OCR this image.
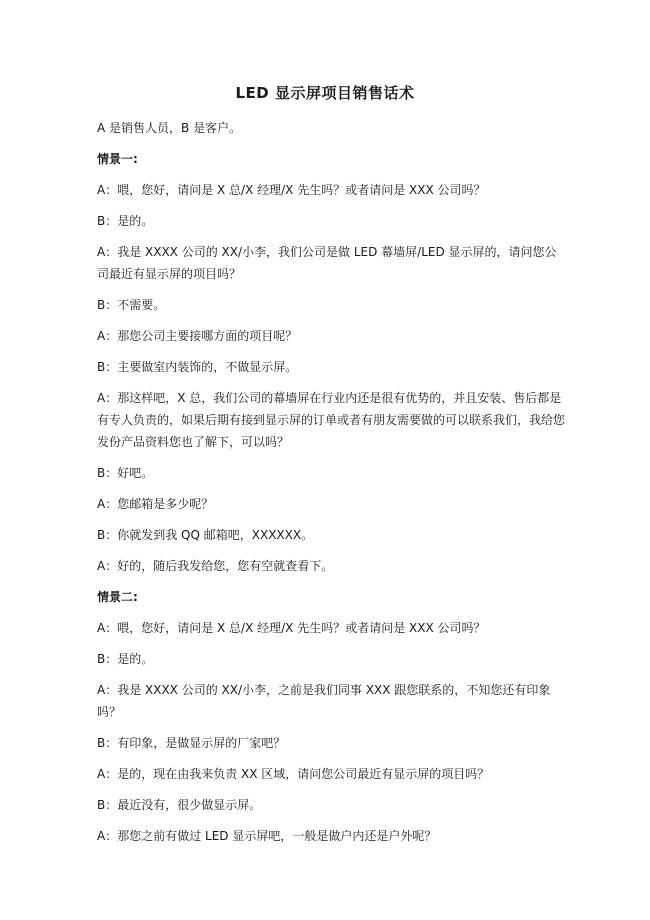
LED 显示屏项目销售话术
A 是销售人员，B 是客户。
情景一:
A：喂，您好，请问是 X 总/X 经理/X 先生吗？或者请问是 XXX 公司吗？
B：是的。
A：我是 XXXX 公司的 XX/小李，我们公司是做 LED 幕墙屏/LED 显示屏的，请问您公司最近有显示屏的项目吗？
B：不需要。
A：那您公司主要接哪方面的项目呢？
B：主要做室内装饰的，不做显示屏。
A：那这样吧，X 总，我们公司的幕墙屏在行业内还是很有优势的，并且安装、售后都是有专人负责的，如果后期有接到显示屏的订单或者有朋友需要做的可以联系我们，我给您发份产品资料您也了解下，可以吗？
B：好吧。
A：您邮箱是多少呢？
B：你就发到我 QQ 邮箱吧，XXXXXX。
A：好的，随后我发给您，您有空就查看下。
情景二:
A：喂，您好，请问是 X 总/X 经理/X 先生吗？或者请问是 XXX 公司吗？
B：是的。
A：我是 XXXX 公司的 XX/小李，之前是我们同事 XXX 跟您联系的，不知您还有印象吗？
B：有印象，是做显示屏的厂家吧？
A：是的，现在由我来负责 XX 区域，请问您公司最近有显示屏的项目吗？
B：最近没有，很少做显示屏。
A：那您之前有做过 LED 显示屏吧，一般是做户内还是户外呢？
